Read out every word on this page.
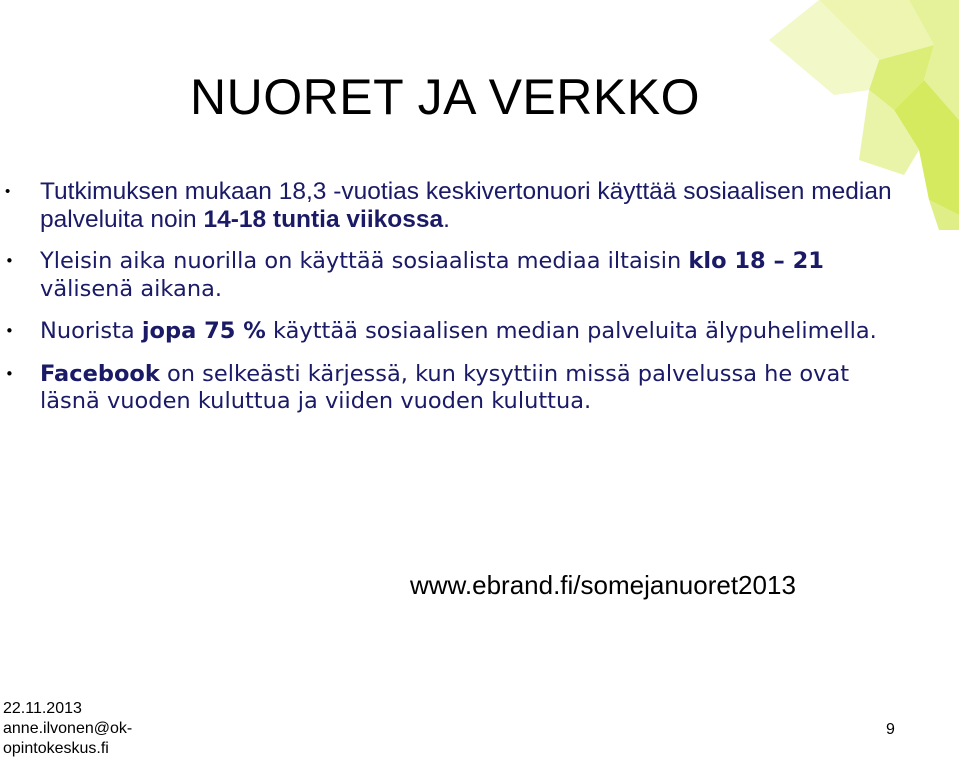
NUORET JA VERKKO
• Tutkimuksen mukaan 18,3 -vuotias keskivertonuori käyttää sosiaalisen median palveluita noin 14-18 tuntia viikossa.
• Yleisin aika nuorilla on käyttää sosiaalista mediaa iltaisin klo 18 – 21 välisenä aikana.
• Nuorista jopa 75 % käyttää sosiaalisen median palveluita älypuhelimella.
• Facebook on selkeästi kärjessä, kun kysyttiin missä palvelussa he ovat läsnä vuoden kuluttua ja viiden vuoden kuluttua.
www.ebrand.fi/somejanuoret2013
22.11.2013
anne.ilvonen@ok-
opintokeskus.fi
9
